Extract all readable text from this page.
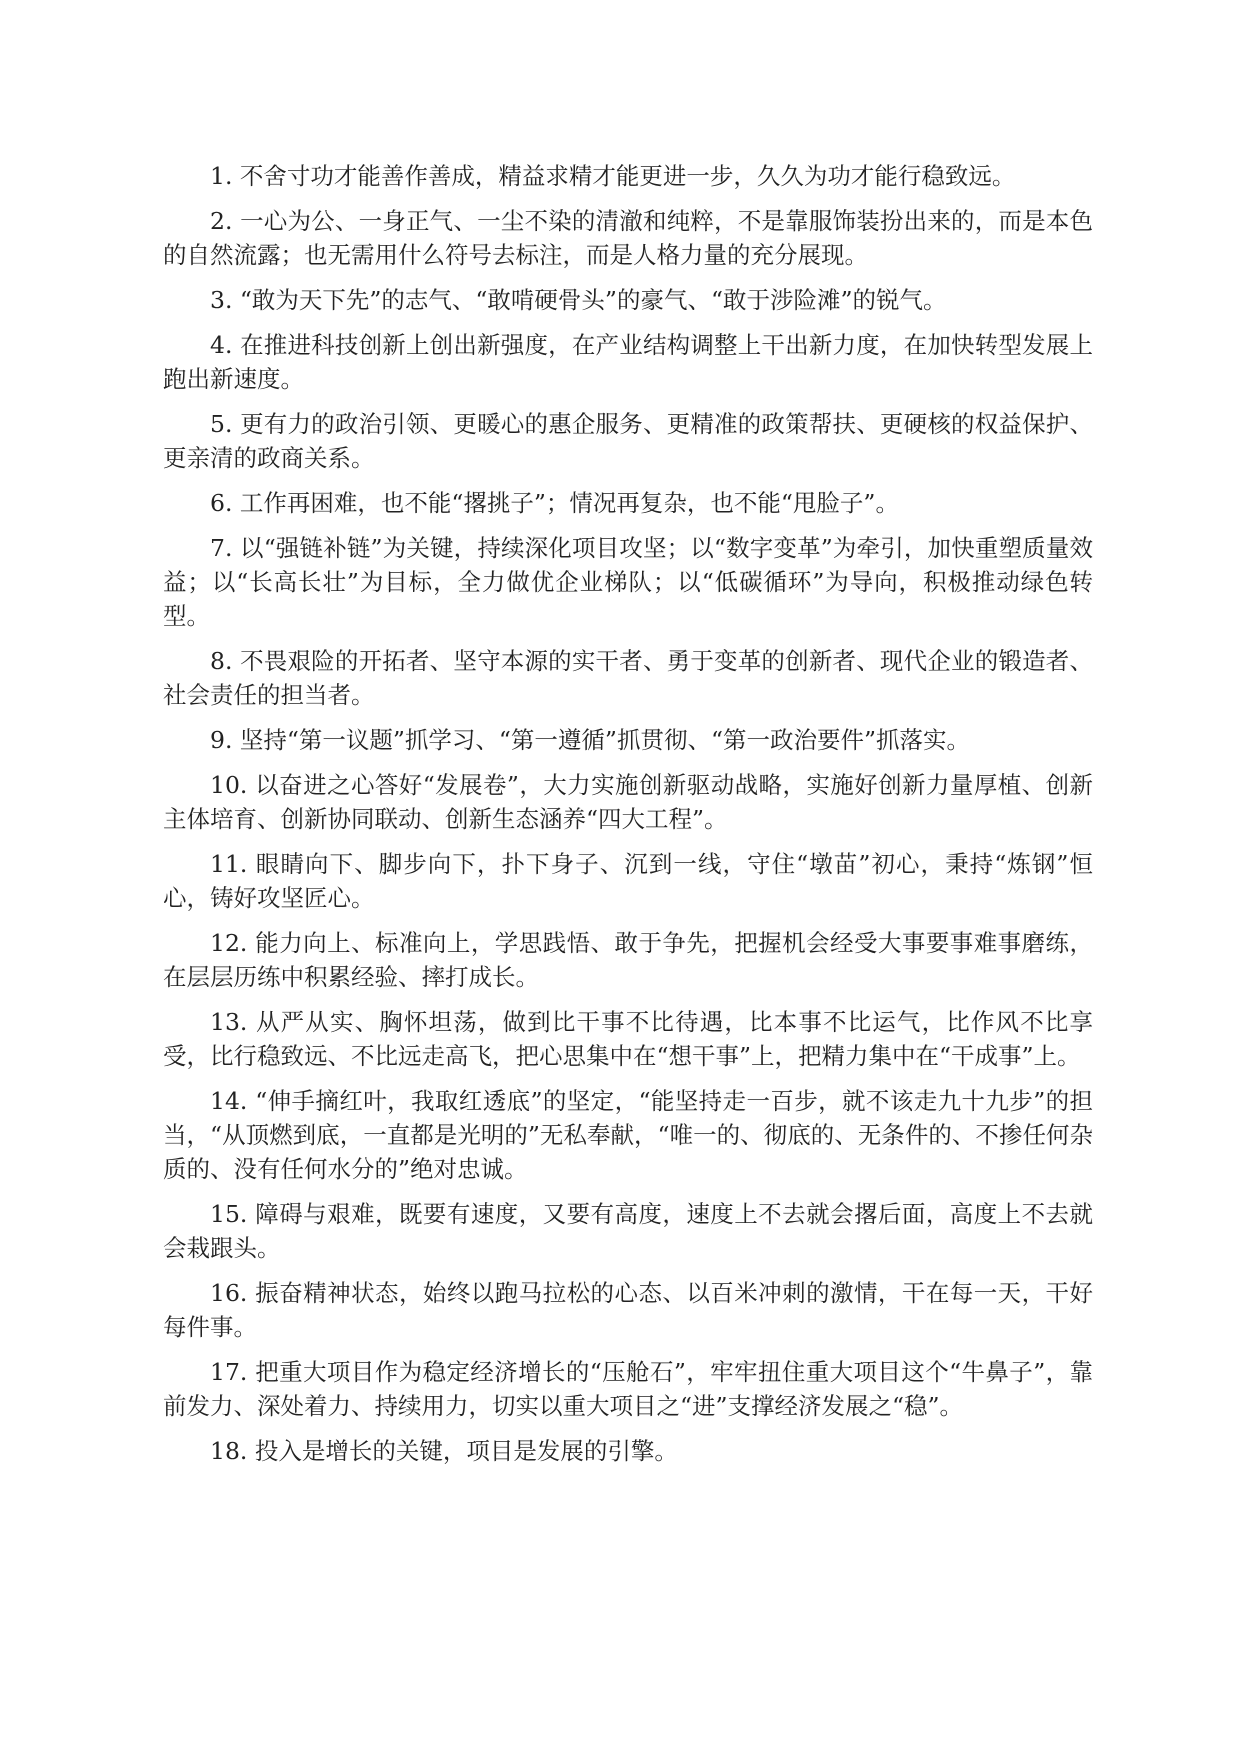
1. 不舍寸功才能善作善成，精益求精才能更进一步，久久为功才能行稳致远。

2. 一心为公、一身正气、一尘不染的清澈和纯粹，不是靠服饰装扮出来的，而是本色的自然流露；也无需用什么符号去标注，而是人格力量的充分展现。

3. “敢为天下先”的志气、“敢啃硬骨头”的豪气、“敢于涉险滩”的锐气。

4. 在推进科技创新上创出新强度，在产业结构调整上干出新力度，在加快转型发展上跑出新速度。

5. 更有力的政治引领、更暖心的惠企服务、更精准的政策帮扶、更硬核的权益保护、更亲清的政商关系。

6. 工作再困难，也不能“撂挑子”；情况再复杂，也不能“甩脸子”。

7. 以“强链补链”为关键，持续深化项目攻坚；以“数字变革”为牵引，加快重塑质量效益；以“长高长壮”为目标，全力做优企业梯队；以“低碳循环”为导向，积极推动绿色转型。

8. 不畏艰险的开拓者、坚守本源的实干者、勇于变革的创新者、现代企业的锻造者、社会责任的担当者。

9. 坚持“第一议题”抓学习、“第一遵循”抓贯彻、“第一政治要件”抓落实。

10. 以奋进之心答好“发展卷”，大力实施创新驱动战略，实施好创新力量厚植、创新主体培育、创新协同联动、创新生态涵养“四大工程”。

11. 眼睛向下、脚步向下，扑下身子、沉到一线，守住“墩苗”初心，秉持“炼钢”恒心，铸好攻坚匠心。

12. 能力向上、标准向上，学思践悟、敢于争先，把握机会经受大事要事难事磨练，在层层历练中积累经验、摔打成长。

13. 从严从实、胸怀坦荡，做到比干事不比待遇，比本事不比运气，比作风不比享受，比行稳致远、不比远走高飞，把心思集中在“想干事”上，把精力集中在“干成事”上。

14. “伸手摘红叶，我取红透底”的坚定，“能坚持走一百步，就不该走九十九步”的担当，“从顶燃到底，一直都是光明的”无私奉献，“唯一的、彻底的、无条件的、不掺任何杂质的、没有任何水分的”绝对忠诚。

15. 障碍与艰难，既要有速度，又要有高度，速度上不去就会撂后面，高度上不去就会栽跟头。

16. 振奋精神状态，始终以跑马拉松的心态、以百米冲刺的激情，干在每一天，干好每件事。

17. 把重大项目作为稳定经济增长的“压舱石”，牢牢扭住重大项目这个“牛鼻子”，靠前发力、深处着力、持续用力，切实以重大项目之“进”支撑经济发展之“稳”。

18. 投入是增长的关键，项目是发展的引擎。
